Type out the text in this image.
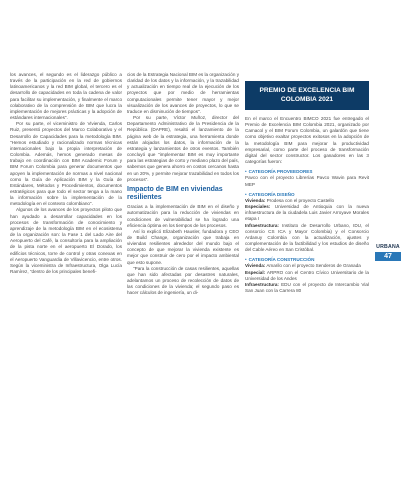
los avances, el segundo es el liderazgo público a través de la participación en la red de gobiernos latinoamericanos y la red BIM global, el tercero es el desarrollo de capacidades en toda la cadena de valor para facilitar su implementación, y finalmente el marco colaborativo de la comprensión de BIM que lucra la implementación de mejores prácticas y la adopción de estándares internacionales".

Por su parte, el viceministro de Vivienda, Carlos Ruiz, presentó proyectos del Marco Colaborativo y el Desarrollo de Capacidades para la metodología BIM. "Hemos estudiado y racionalizado normas técnicas internacionales bajo la propia interpretación de Colombia. Además, hemos generado mesas de trabajo en coordinación con BIM Academic Forum y BIM Forum Colombia para generar documentos que apoyen la implementación de normas a nivel nacional como la Guía de Aplicación BIM y la Guía de Estándares, Métodos y Procedimientos, documentos estratégicos para que todo el sector tenga a la mano la información sobre la implementación de la metodología en el contexto colombiano".

Algunos de los avances de los proyectos piloto que han ayudado a desarrollar capacidades en los procesos de transformación de conocimiento y aprendizaje de la metodología BIM en el ecosistema de la organización son: la Fase 1 del Lado Aire del Aeropuerto del Café, la consultoría para la ampliación de la pista norte en el aeropuerto El Dorado, los edificios técnicos, torre de control y otras conexas en el Aeropuerto Vanguardia de Villavicencio, entre otros. Según la viceministra de Infraestructura, Olga Lucía Ramírez, "dentro de los principales benefi-

cios de la Estrategia Nacional BIM es la organización y claridad de los datos y la información, y la trazabilidad y actualización en tiempo real de la ejecución de los proyectos que por medio de herramientas computacionales permite tener mayor y mejor visualización de los avances de proyectos, lo que se traduce en disminución de tiempos".

Por su parte, Víctor Muñoz, director del Departamento Administrativo de la Presidencia de la República (DAPRE), resaltó el lanzamiento de la página web de la estrategia, una herramienta donde están alojados los datos, la información de la estrategia y lanzamientos de otros eventos. También concluyó que "implementar BIM es muy importante para las estrategias de corto y mediano plazo del país, sabemos que genera ahorro en costos cercanos hasta en un 20%, y permite mejorar trazabilidad en todos los procesos".

Impacto de BIM en viviendas resilientes

Gracias a la implementación de BIM en el diseño y automatización para la reducción de viviendas en condiciones de vulnerabilidad se ha logrado una eficiencia óptima en los tiempos de los procesos.

Así lo explicó Elizabeth Hausler, fundadora y CEO de Build Change, organización que trabaja en viviendas resilientes alrededor del mundo bajo el concepto de que mejorar la vivienda existente es mejor que construir de cero por el impacto ambiental que esto supone.

"Para la construcción de casas resilientes, aquellas que han sido afectadas por desastres naturales, adelantamos un proceso de recolección de datos de las condiciones de la vivienda; el segundo paso es hacer cálculos de ingeniería, un di-

PREMIO DE EXCELENCIA BIM
COLOMBIA 2021

En el marco el Encuentro BIMCO 2021 fue entregado el Premio de Excelencia BIM Colombia 2021, organizado por Camacol y el BIM Forum Colombia, un galardón que tiene como objetivo exaltar proyectos exitosos en la adopción de la metodología BIM para mejorar la productividad empresarial, como parte del proceso de transformación digital del sector constructor. Los ganadores en las 3 categorías fueron:

• CATEGORÍA PROVEEDORES

Pavco con el proyecto Librerías Pavco Wavin para Revit MEP

• CATEGORÍA DISEÑO

Vivienda: Prodesa con el proyecto Castello

Especiales: Universidad de Antioquia con la nueva infraestructura de la ciudadela Luis Javier Arroyave Morales etapa I

Infraestructura: Instituto de Desarrollo Urbano, IDU, el consorcio CS ICA y Mayor Colombia) y el Consorcio Ardanuy Colombia con la actualización, ajustes y complementación de la factibilidad y los estudios de diseño del Cable Aéreo en San Cristóbal.

• CATEGORÍA CONSTRUCCIÓN

Vivienda: Amarilo con el proyecto Senderos de Granada

Especial: ARPRO con el Centro Cívico Universitario de la Universidad de los Andes

Infraestructura: EDU con el proyecto de Intercambio Vial San Juan con la Carrera 80

URBANA
47
